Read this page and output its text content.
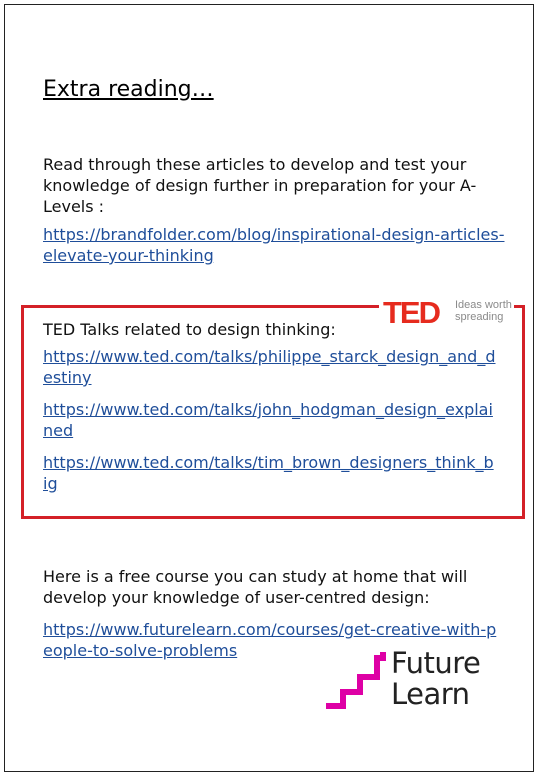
Extra reading…
Read through these articles to develop and test your knowledge of design further in preparation for your A-Levels :
https://brandfolder.com/blog/inspirational-design-articles-elevate-your-thinking
TED Ideas worth spreading
TED Talks related to design thinking:
https://www.ted.com/talks/philippe_starck_design_and_destiny
https://www.ted.com/talks/john_hodgman_design_explained
https://www.ted.com/talks/tim_brown_designers_think_big
Here is a free course you can study at home that will develop your knowledge of user-centred design:
https://www.futurelearn.com/courses/get-creative-with-people-to-solve-problems	Future
Learn
